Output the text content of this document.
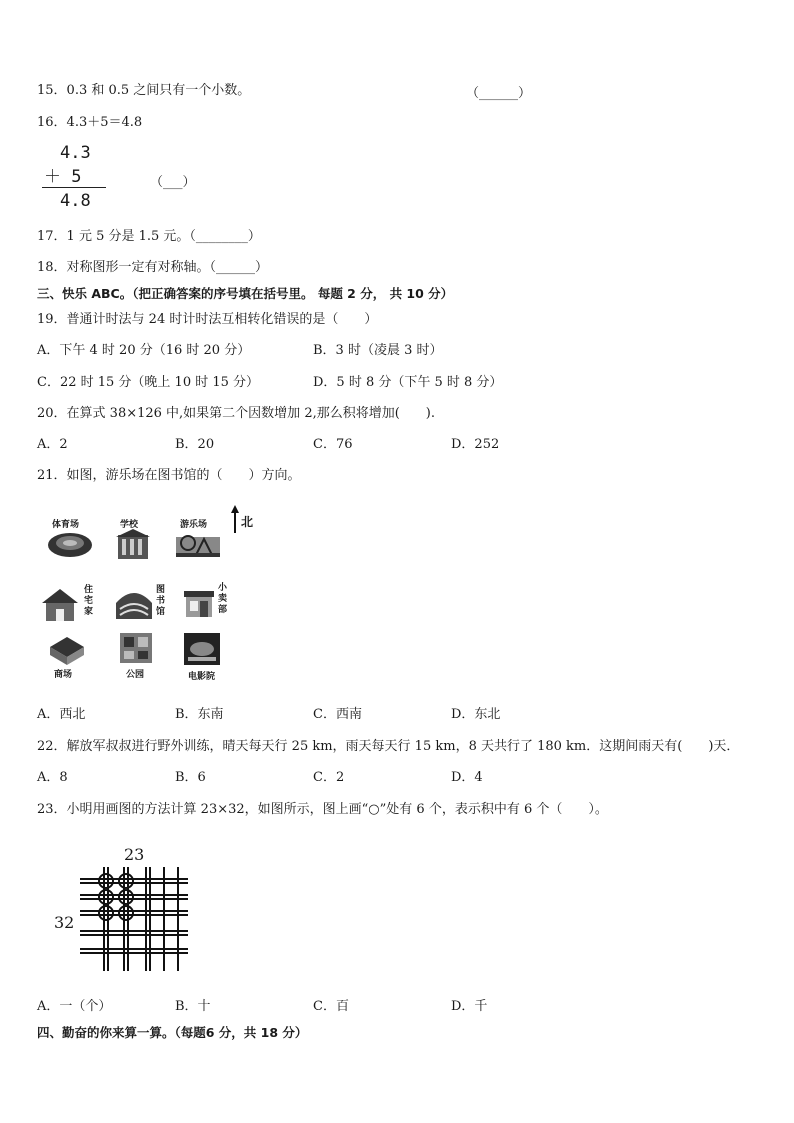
15．0.3 和 0.5 之间只有一个小数。	（______）
16．4.3＋5＝4.8
4.3
＋ 5
4.8
（___）
17．1 元 5 分是 1.5 元。（________）
18．对称图形一定有对称轴。（______）
三、快乐 ABC。（把正确答案的序号填在括号里。 每题 2 分， 共 10 分）
19．普通计时法与 24 时计时法互相转化错误的是（　　）
A．下午 4 时 20 分（16 时 20 分）	B．3 时（凌晨 3 时）
C．22 时 15 分（晚上 10 时 15 分）	D．5 时 8 分（下午 5 时 8 分）
20．在算式 38×126 中,如果第二个因数增加 2,那么积将增加(　　).
A．2	B．20	C．76	D．252
21．如图，游乐场在图书馆的（　　）方向。
北
体育场	学校	游乐场
住宅家
图书馆
小卖部
商场	公园	电影院
A．西北	B．东南	C．西南	D．东北
22．解放军叔叔进行野外训练，晴天每天行 25 km，雨天每天行 15 km，8 天共行了 180 km．这期间雨天有(　　)天．
A．8	B．6	C．2	D．4
23．小明用画图的方法计算 23×32，如图所示，图上画“○”处有 6 个，表示积中有 6 个（　　）。
23
32
A．一（个）	B．十	C．百	D．千
四、勤奋的你来算一算。（每题6 分，共 18 分）
